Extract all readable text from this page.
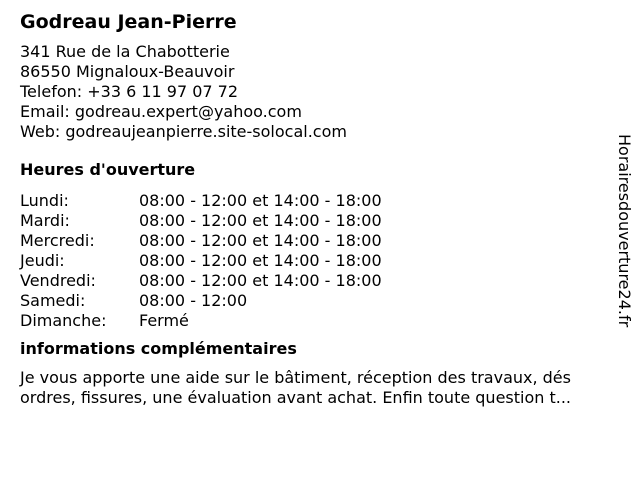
Godreau Jean-Pierre
341 Rue de la Chabotterie
86550 Mignaloux-Beauvoir
Telefon: +33 6 11 97 07 72
Email: godreau.expert@yahoo.com
Web: godreaujeanpierre.site-solocal.com
Heures d'ouverture
Lundi:	08:00 - 12:00 et 14:00 - 18:00
Mardi:	08:00 - 12:00 et 14:00 - 18:00
Mercredi:	08:00 - 12:00 et 14:00 - 18:00
Jeudi:	08:00 - 12:00 et 14:00 - 18:00
Vendredi:	08:00 - 12:00 et 14:00 - 18:00
Samedi:	08:00 - 12:00
Dimanche:	Fermé
informations complémentaires
Je vous apporte une aide sur le bâtiment, réception des travaux, dés ordres, fissures, une évaluation avant achat. Enfin toute question t...
Horairesdouverture24.fr
